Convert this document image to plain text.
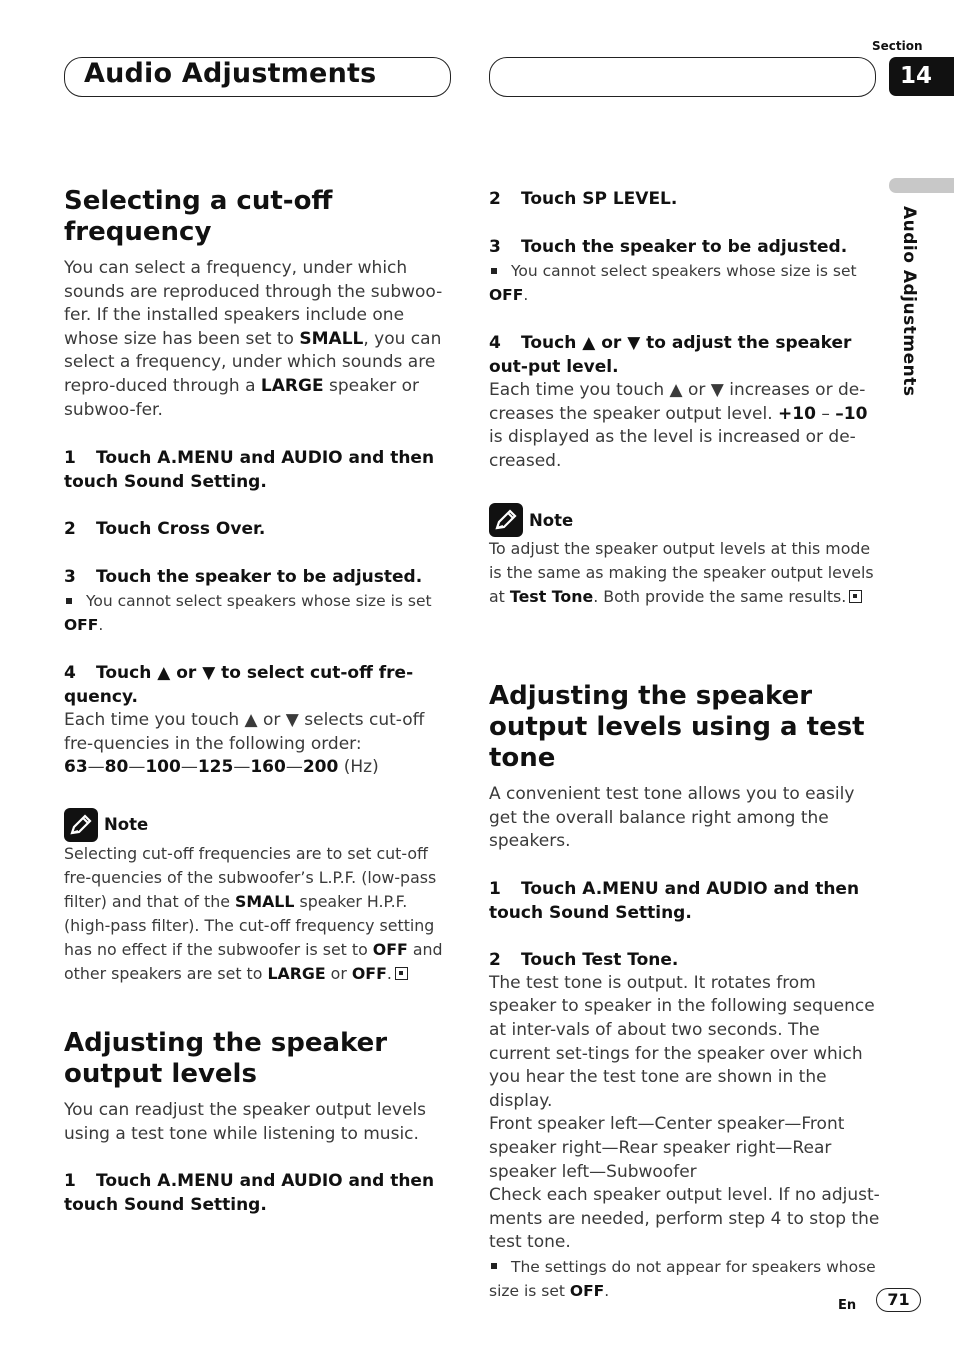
Audio Adjustments
Section
14
Audio Adjustments
Selecting a cut-off frequency
You can select a frequency, under which sounds are reproduced through the subwoo-fer. If the installed speakers include one whose size has been set to SMALL, you can select a frequency, under which sounds are repro-duced through a LARGE speaker or subwoo-fer.
1 Touch A.MENU and AUDIO and then touch Sound Setting.
2 Touch Cross Over.
3 Touch the speaker to be adjusted.
You cannot select speakers whose size is set
OFF.
4 Touch ▲ or ▼ to select cut-off fre-quency.
Each time you touch ▲ or ▼ selects cut-off fre-quencies in the following order:
63—80—100—125—160—200 (Hz)
Note
Selecting cut-off frequencies are to set cut-off fre-quencies of the subwoofer’s L.P.F. (low-pass filter) and that of the SMALL speaker H.P.F. (high-pass filter). The cut-off frequency setting has no effect if the subwoofer is set to OFF and other speakers are set to LARGE or OFF.
Adjusting the speaker output levels
You can readjust the speaker output levels using a test tone while listening to music.
1 Touch A.MENU and AUDIO and then touch Sound Setting.
2 Touch SP LEVEL.
3 Touch the speaker to be adjusted.
You cannot select speakers whose size is set
OFF.
4 Touch ▲ or ▼ to adjust the speaker out-put level.
Each time you touch ▲ or ▼ increases or de-creases the speaker output level. +10 – –10 is displayed as the level is increased or de-creased.
Note
To adjust the speaker output levels at this mode is the same as making the speaker output levels at Test Tone. Both provide the same results.
Adjusting the speaker output levels using a test tone
A convenient test tone allows you to easily get the overall balance right among the speakers.
1 Touch A.MENU and AUDIO and then touch Sound Setting.
2 Touch Test Tone.
The test tone is output. It rotates from speaker to speaker in the following sequence at inter-vals of about two seconds. The current set-tings for the speaker over which you hear the test tone are shown in the display.
Front speaker left—Center speaker—Front speaker right—Rear speaker right—Rear speaker left—Subwoofer
Check each speaker output level. If no adjust-ments are needed, perform step 4 to stop the test tone.
The settings do not appear for speakers whose size is set OFF.
En	71
